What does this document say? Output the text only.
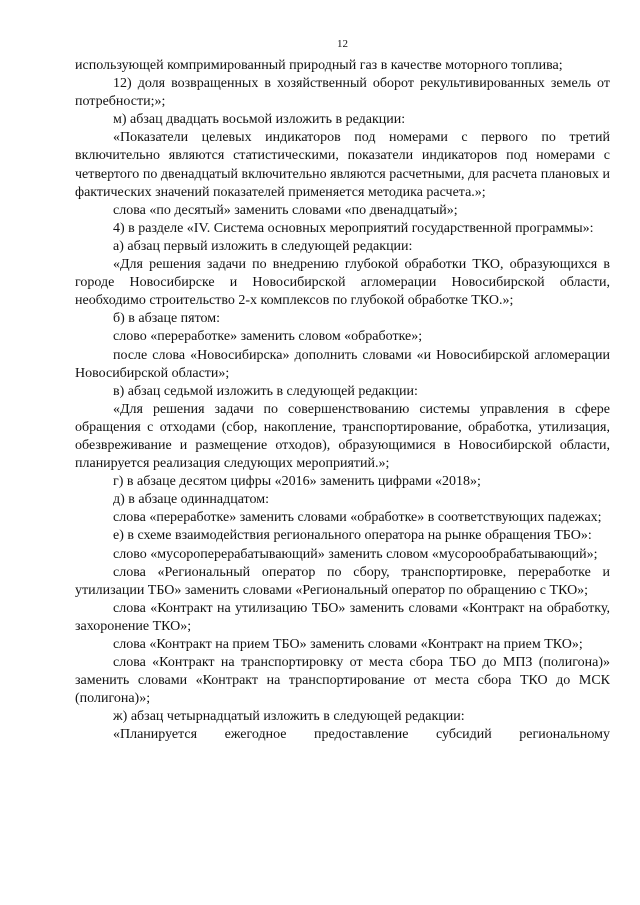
12

использующей компримированный природный газ в качестве моторного топлива;

12) доля возвращенных в хозяйственный оборот рекультивированных земель от потребности;»;

м) абзац двадцать восьмой изложить в редакции:

«Показатели целевых индикаторов под номерами с первого по третий включительно являются статистическими, показатели индикаторов под номерами с четвертого по двенадцатый включительно являются расчетными, для расчета плановых и фактических значений показателей применяется методика расчета.»;

слова «по десятый» заменить словами «по двенадцатый»;

4) в разделе «IV. Система основных мероприятий государственной программы»:

а) абзац первый изложить в следующей редакции:

«Для решения задачи по внедрению глубокой обработки ТКО, образующихся в городе Новосибирске и Новосибирской агломерации Новосибирской области, необходимо строительство 2-х комплексов по глубокой обработке ТКО.»;

б) в абзаце пятом:

слово «переработке» заменить словом «обработке»;

после слова «Новосибирска» дополнить словами «и Новосибирской агломерации Новосибирской области»;

в) абзац седьмой изложить в следующей редакции:

«Для решения задачи по совершенствованию системы управления в сфере обращения с отходами (сбор, накопление, транспортирование, обработка, утилизация, обезвреживание и размещение отходов), образующимися в Новосибирской области, планируется реализация следующих мероприятий.»;

г) в абзаце десятом цифры «2016» заменить цифрами «2018»;

д) в абзаце одиннадцатом:

слова «переработке» заменить словами «обработке» в соответствующих падежах;

е) в схеме взаимодействия регионального оператора на рынке обращения ТБО»:

слово «мусороперерабатывающий» заменить словом «мусорообрабатывающий»;

слова «Региональный оператор по сбору, транспортировке, переработке и утилизации ТБО» заменить словами «Региональный оператор по обращению с ТКО»;

слова «Контракт на утилизацию ТБО» заменить словами «Контракт на обработку, захоронение ТКО»;

слова «Контракт на прием ТБО» заменить словами «Контракт на прием ТКО»;

слова «Контракт на транспортировку от места сбора ТБО до МПЗ (полигона)» заменить словами «Контракт на транспортирование от места сбора ТКО до МСК (полигона)»;

ж) абзац четырнадцатый изложить в следующей редакции:

«Планируется ежегодное предоставление субсидий региональному
